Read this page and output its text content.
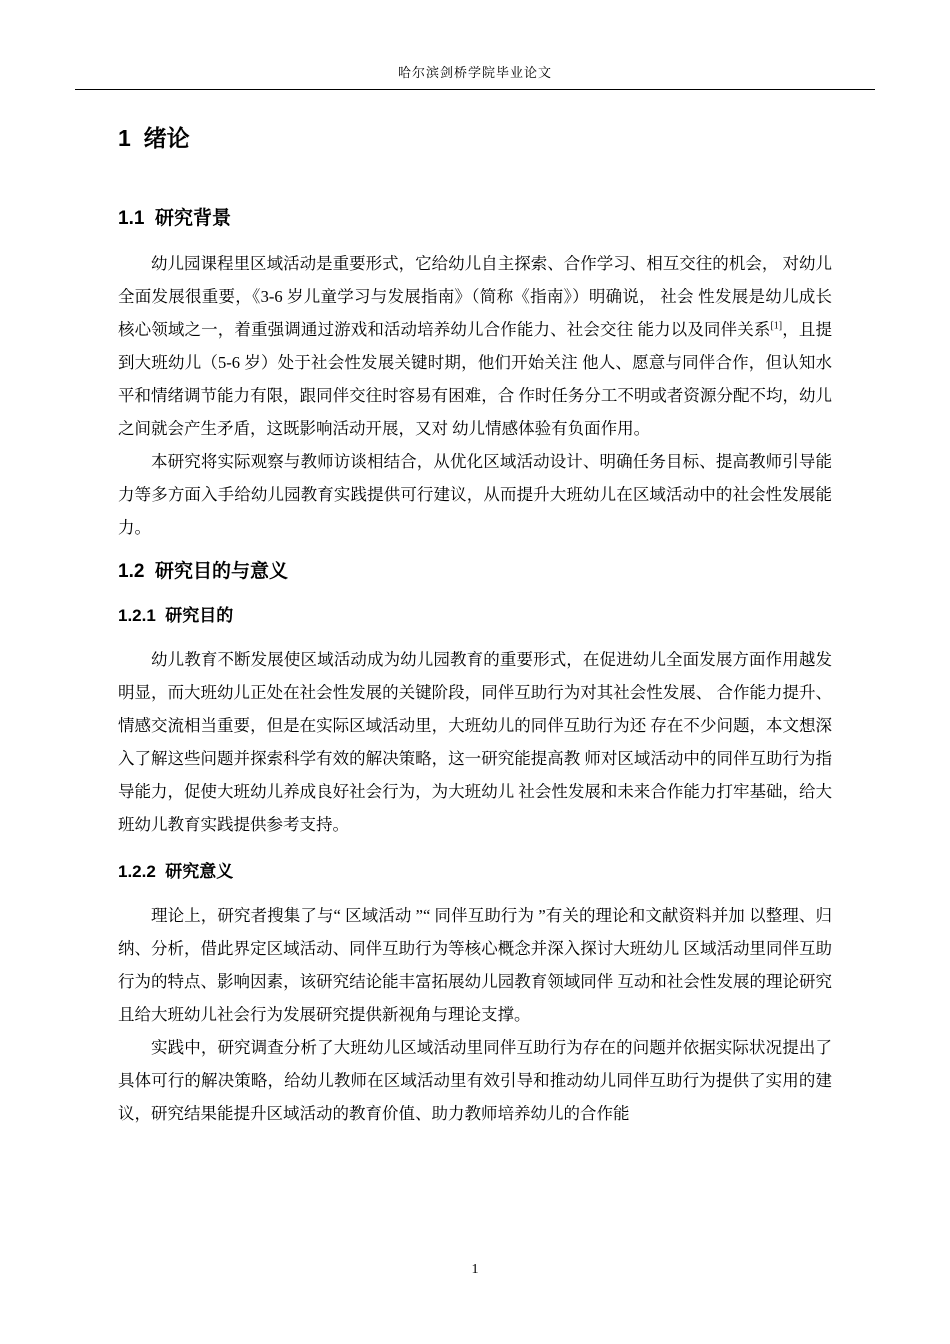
哈尔滨剑桥学院毕业论文
1  绪论
1.1  研究背景

幼儿园课程里区域活动是重要形式，它给幼儿自主探索、合作学习、相互交往的机会， 对幼儿全面发展很重要，《3-6 岁儿童学习与发展指南》（简称《指南》）明确说， 社会 性发展是幼儿成长核心领域之一，着重强调通过游戏和活动培养幼儿合作能力、社会交往 能力以及同伴关系[1]，且提到大班幼儿（5-6 岁）处于社会性发展关键时期，他们开始关注 他人、愿意与同伴合作，但认知水平和情绪调节能力有限，跟同伴交往时容易有困难，合 作时任务分工不明或者资源分配不均，幼儿之间就会产生矛盾，这既影响活动开展，又对 幼儿情感体验有负面作用。

本研究将实际观察与教师访谈相结合，从优化区域活动设计、明确任务目标、提高教师引导能力等多方面入手给幼儿园教育实践提供可行建议，从而提升大班幼儿在区域活动中的社会性发展能力。

1.2  研究目的与意义
1.2.1  研究目的

幼儿教育不断发展使区域活动成为幼儿园教育的重要形式，在促进幼儿全面发展方面作用越发明显，而大班幼儿正处在社会性发展的关键阶段，同伴互助行为对其社会性发展、 合作能力提升、情感交流相当重要，但是在实际区域活动里，大班幼儿的同伴互助行为还 存在不少问题，本文想深入了解这些问题并探索科学有效的解决策略，这一研究能提高教 师对区域活动中的同伴互助行为指导能力，促使大班幼儿养成良好社会行为，为大班幼儿 社会性发展和未来合作能力打牢基础，给大班幼儿教育实践提供参考支持。

1.2.2  研究意义

理论上，研究者搜集了与“ 区域活动 ”“ 同伴互助行为 ”有关的理论和文献资料并加 以整理、归纳、分析，借此界定区域活动、同伴互助行为等核心概念并深入探讨大班幼儿 区域活动里同伴互助行为的特点、影响因素，该研究结论能丰富拓展幼儿园教育领域同伴 互动和社会性发展的理论研究且给大班幼儿社会行为发展研究提供新视角与理论支撑。

实践中，研究调查分析了大班幼儿区域活动里同伴互助行为存在的问题并依据实际状况提出了具体可行的解决策略，给幼儿教师在区域活动里有效引导和推动幼儿同伴互助行为提供了实用的建议，研究结果能提升区域活动的教育价值、助力教师培养幼儿的合作能

1
